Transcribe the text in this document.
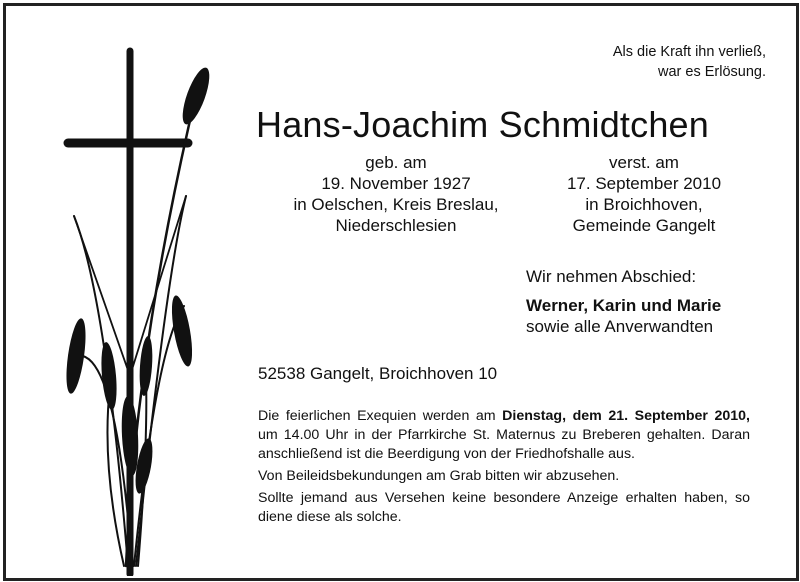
Als die Kraft ihn verließ,
war es Erlösung.
Hans-Joachim Schmidtchen
geb. am
19. November 1927
in Oelschen, Kreis Breslau,
Niederschlesien
verst. am
17. September 2010
in Broichhoven,
Gemeinde Gangelt
Wir nehmen Abschied:
Werner, Karin und Marie
sowie alle Anverwandten
52538 Gangelt, Broichhoven 10

Die feierlichen Exequien werden am Dienstag, dem 21. September 2010, um 14.00 Uhr in der Pfarrkirche St. Maternus zu Breberen gehalten. Daran anschließend ist die Beerdigung von der Friedhofshalle aus.

Von Beileidsbekundungen am Grab bitten wir abzusehen.

Sollte jemand aus Versehen keine besondere Anzeige erhalten haben, so diene diese als solche.
